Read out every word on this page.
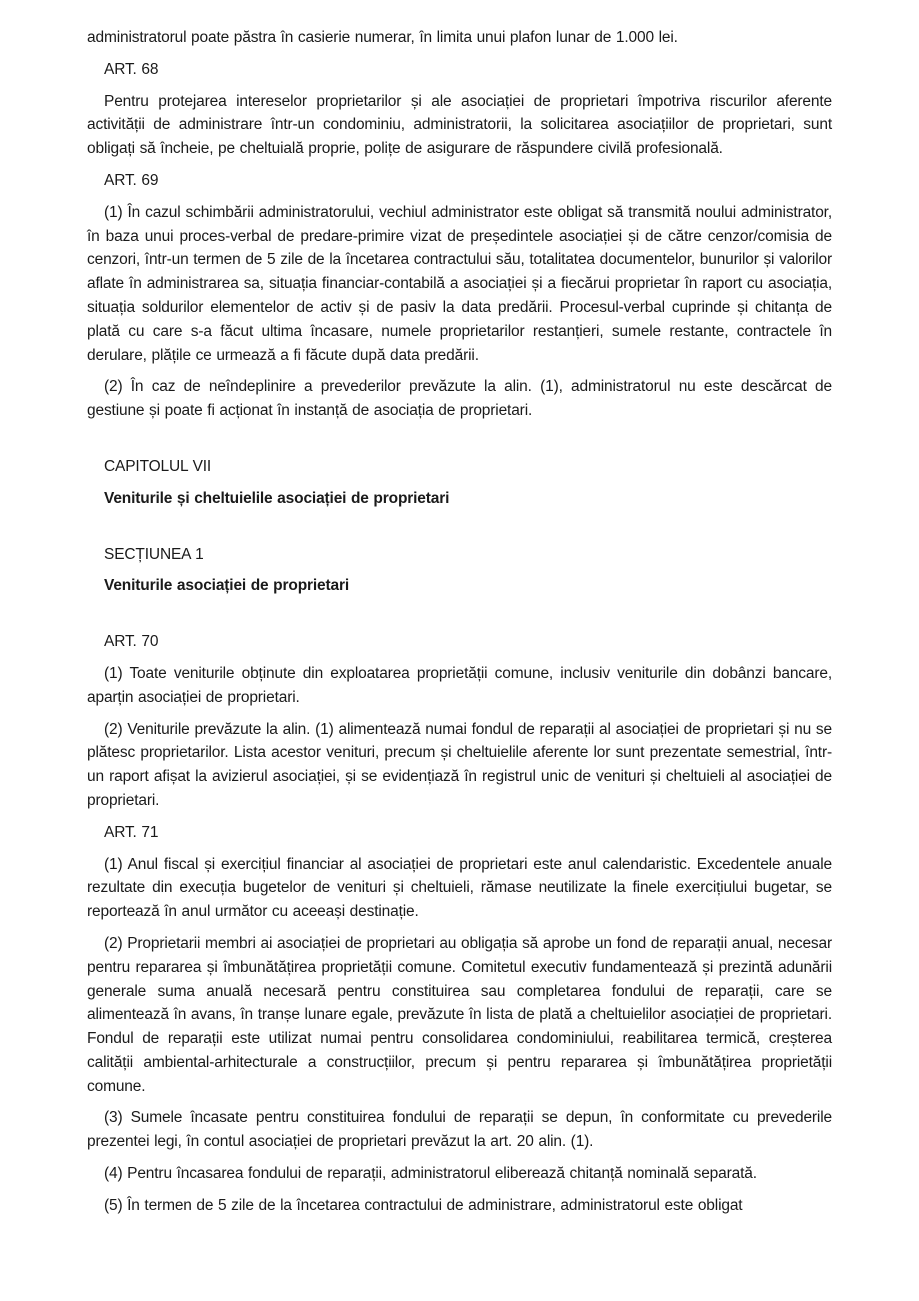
administratorul poate păstra în casierie numerar, în limita unui plafon lunar de 1.000 lei.

ART. 68

Pentru protejarea intereselor proprietarilor și ale asociației de proprietari împotriva riscurilor aferente activității de administrare într-un condominiu, administratorii, la solicitarea asociațiilor de proprietari, sunt obligați să încheie, pe cheltuială proprie, polițe de asigurare de răspundere civilă profesională.

ART. 69

(1) În cazul schimbării administratorului, vechiul administrator este obligat să transmită noului administrator, în baza unui proces-verbal de predare-primire vizat de președintele asociației și de către cenzor/comisia de cenzori, într-un termen de 5 zile de la încetarea contractului său, totalitatea documentelor, bunurilor și valorilor aflate în administrarea sa, situația financiar-contabilă a asociației și a fiecărui proprietar în raport cu asociația, situația soldurilor elementelor de activ și de pasiv la data predării. Procesul-verbal cuprinde și chitanța de plată cu care s-a făcut ultima încasare, numele proprietarilor restanțieri, sumele restante, contractele în derulare, plățile ce urmează a fi făcute după data predării.

(2) În caz de neîndeplinire a prevederilor prevăzute la alin. (1), administratorul nu este descărcat de gestiune și poate fi acționat în instanță de asociația de proprietari.

CAPITOLUL VII

Veniturile și cheltuielile asociației de proprietari

SECȚIUNEA 1

Veniturile asociației de proprietari

ART. 70

(1) Toate veniturile obținute din exploatarea proprietății comune, inclusiv veniturile din dobânzi bancare, aparțin asociației de proprietari.

(2) Veniturile prevăzute la alin. (1) alimentează numai fondul de reparații al asociației de proprietari și nu se plătesc proprietarilor. Lista acestor venituri, precum și cheltuielile aferente lor sunt prezentate semestrial, într-un raport afișat la avizierul asociației, și se evidențiază în registrul unic de venituri și cheltuieli al asociației de proprietari.

ART. 71

(1) Anul fiscal și exercițiul financiar al asociației de proprietari este anul calendaristic. Excedentele anuale rezultate din execuția bugetelor de venituri și cheltuieli, rămase neutilizate la finele exercițiului bugetar, se reportează în anul următor cu aceeași destinație.

(2) Proprietarii membri ai asociației de proprietari au obligația să aprobe un fond de reparații anual, necesar pentru repararea și îmbunătățirea proprietății comune. Comitetul executiv fundamentează și prezintă adunării generale suma anuală necesară pentru constituirea sau completarea fondului de reparații, care se alimentează în avans, în tranșe lunare egale, prevăzute în lista de plată a cheltuielilor asociației de proprietari. Fondul de reparații este utilizat numai pentru consolidarea condominiului, reabilitarea termică, creșterea calității ambiental-arhitecturale a construcțiilor, precum și pentru repararea și îmbunătățirea proprietății comune.

(3) Sumele încasate pentru constituirea fondului de reparații se depun, în conformitate cu prevederile prezentei legi, în contul asociației de proprietari prevăzut la art. 20 alin. (1).

(4) Pentru încasarea fondului de reparații, administratorul eliberează chitanță nominală separată.

(5) În termen de 5 zile de la încetarea contractului de administrare, administratorul este obligat
